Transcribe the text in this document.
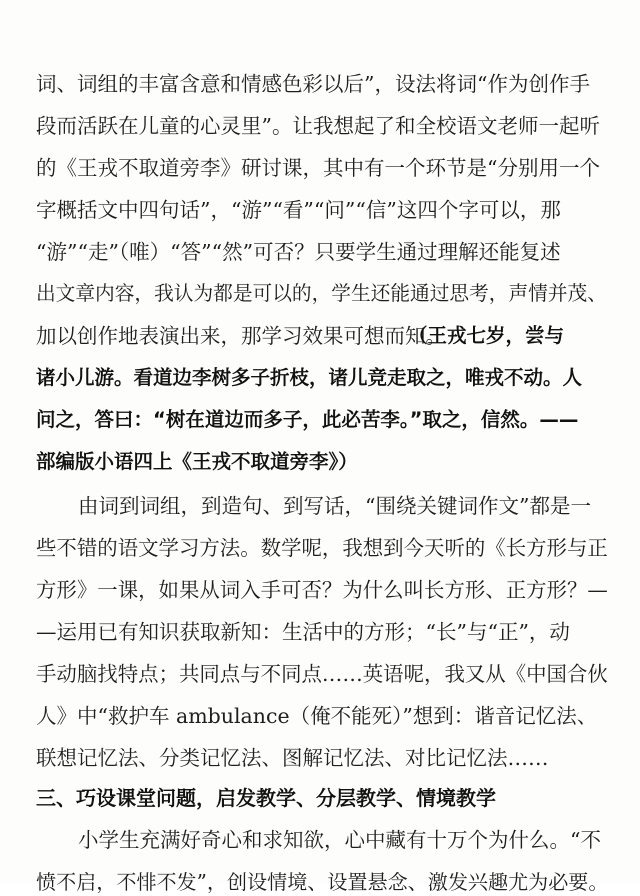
词、词组的丰富含意和情感色彩以后”，设法将词“作为创作手
段而活跃在儿童的心灵里”。让我想起了和全校语文老师一起听
的《王戎不取道旁李》研讨课，其中有一个环节是“分别用一个
字概括文中四句话”，“游”“看”“问”“信”这四个字可以，那
“游”“走”（唯）“答”“然”可否？只要学生通过理解还能复述
出文章内容，我认为都是可以的，学生还能通过思考，声情并茂、
加以创作地表演出来，那学习效果可想而知。
（王戎七岁，尝与
诸小儿游。看道边李树多子折枝，诸儿竞走取之，唯戎不动。人
问之，答曰：“树在道边而多子，此必苦李。”取之，信然。——
部编版小语四上《王戎不取道旁李》）
由词到词组，到造句、到写话，“围绕关键词作文”都是一
些不错的语文学习方法。数学呢，我想到今天听的《长方形与正
方形》一课，如果从词入手可否？为什么叫长方形、正方形？—
—运用已有知识获取新知：生活中的方形；“长”与“正”，动
手动脑找特点；共同点与不同点……英语呢，我又从《中国合伙
人》中“救护车 ambulance（俺不能死）”想到：谐音记忆法、
联想记忆法、分类记忆法、图解记忆法、对比记忆法……
三、巧设课堂问题，启发教学、分层教学、情境教学
小学生充满好奇心和求知欲，心中藏有十万个为什么。“不
愤不启，不悱不发”，创设情境、设置悬念、激发兴趣尤为必要。
